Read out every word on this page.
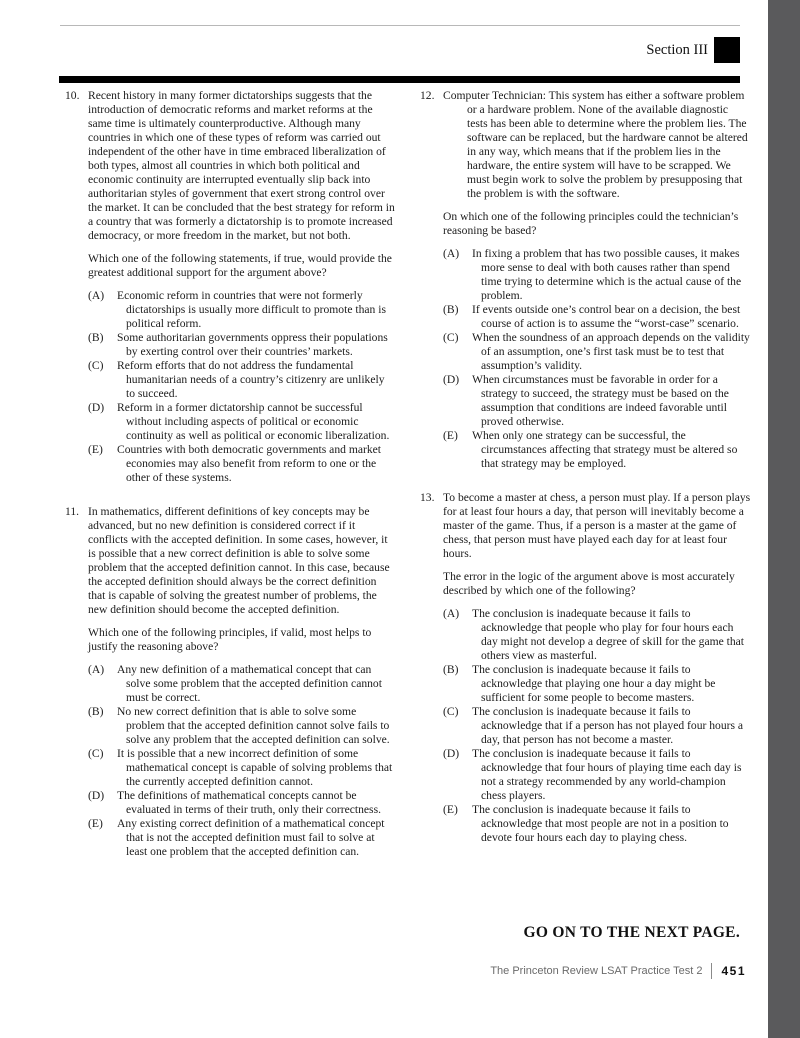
Section III
10. Recent history in many former dictatorships suggests that the introduction of democratic reforms and market reforms at the same time is ultimately counterproductive. Although many countries in which one of these types of reform was carried out independent of the other have in time embraced liberalization of both types, almost all countries in which both political and economic continuity are interrupted eventually slip back into authoritarian styles of government that exert strong control over the market. It can be concluded that the best strategy for reform in a country that was formerly a dictatorship is to promote increased democracy, or more freedom in the market, but not both.

Which one of the following statements, if true, would provide the greatest additional support for the argument above?

(A)	Economic reform in countries that were not formerly dictatorships is usually more difficult to promote than is political reform.
(B)	Some authoritarian governments oppress their populations by exerting control over their countries’ markets.
(C)	Reform efforts that do not address the fundamental humanitarian needs of a country’s citizenry are unlikely to succeed.
(D)	Reform in a former dictatorship cannot be successful without including aspects of political or economic continuity as well as political or economic liberalization.
(E)	Countries with both democratic governments and market economies may also benefit from reform to one or the other of these systems.
11. In mathematics, different definitions of key concepts may be advanced, but no new definition is considered correct if it conflicts with the accepted definition. In some cases, however, it is possible that a new correct definition is able to solve some problem that the accepted definition cannot. In this case, because the accepted definition should always be the correct definition that is capable of solving the greatest number of problems, the new definition should become the accepted definition.

Which one of the following principles, if valid, most helps to justify the reasoning above?

(A)	Any new definition of a mathematical concept that can solve some problem that the accepted definition cannot must be correct.
(B)	No new correct definition that is able to solve some problem that the accepted definition cannot solve fails to solve any problem that the accepted definition can solve.
(C)	It is possible that a new incorrect definition of some mathematical concept is capable of solving problems that the currently accepted definition cannot.
(D)	The definitions of mathematical concepts cannot be evaluated in terms of their truth, only their correctness.
(E)	Any existing correct definition of a mathematical concept that is not the accepted definition must fail to solve at least one problem that the accepted definition can.
12. Computer Technician: This system has either a software problem or a hardware problem. None of the available diagnostic tests has been able to determine where the problem lies. The software can be replaced, but the hardware cannot be altered in any way, which means that if the problem lies in the hardware, the entire system will have to be scrapped. We must begin work to solve the problem by presupposing that the problem is with the software.

On which one of the following principles could the technician’s reasoning be based?

(A)	In fixing a problem that has two possible causes, it makes more sense to deal with both causes rather than spend time trying to determine which is the actual cause of the problem.
(B)	If events outside one’s control bear on a decision, the best course of action is to assume the “worst-case” scenario.
(C)	When the soundness of an approach depends on the validity of an assumption, one’s first task must be to test that assumption’s validity.
(D)	When circumstances must be favorable in order for a strategy to succeed, the strategy must be based on the assumption that conditions are indeed favorable until proved otherwise.
(E)	When only one strategy can be successful, the circumstances affecting that strategy must be altered so that strategy may be employed.
13. To become a master at chess, a person must play. If a person plays for at least four hours a day, that person will inevitably become a master of the game. Thus, if a person is a master at the game of chess, that person must have played each day for at least four hours.

The error in the logic of the argument above is most accurately described by which one of the following?

(A)	The conclusion is inadequate because it fails to acknowledge that people who play for four hours each day might not develop a degree of skill for the game that others view as masterful.
(B)	The conclusion is inadequate because it fails to acknowledge that playing one hour a day might be sufficient for some people to become masters.
(C)	The conclusion is inadequate because it fails to acknowledge that if a person has not played four hours a day, that person has not become a master.
(D)	The conclusion is inadequate because it fails to acknowledge that four hours of playing time each day is not a strategy recommended by any world-champion chess players.
(E)	The conclusion is inadequate because it fails to acknowledge that most people are not in a position to devote four hours each day to playing chess.
GO ON TO THE NEXT PAGE.
The Princeton Review LSAT Practice Test 2 451
